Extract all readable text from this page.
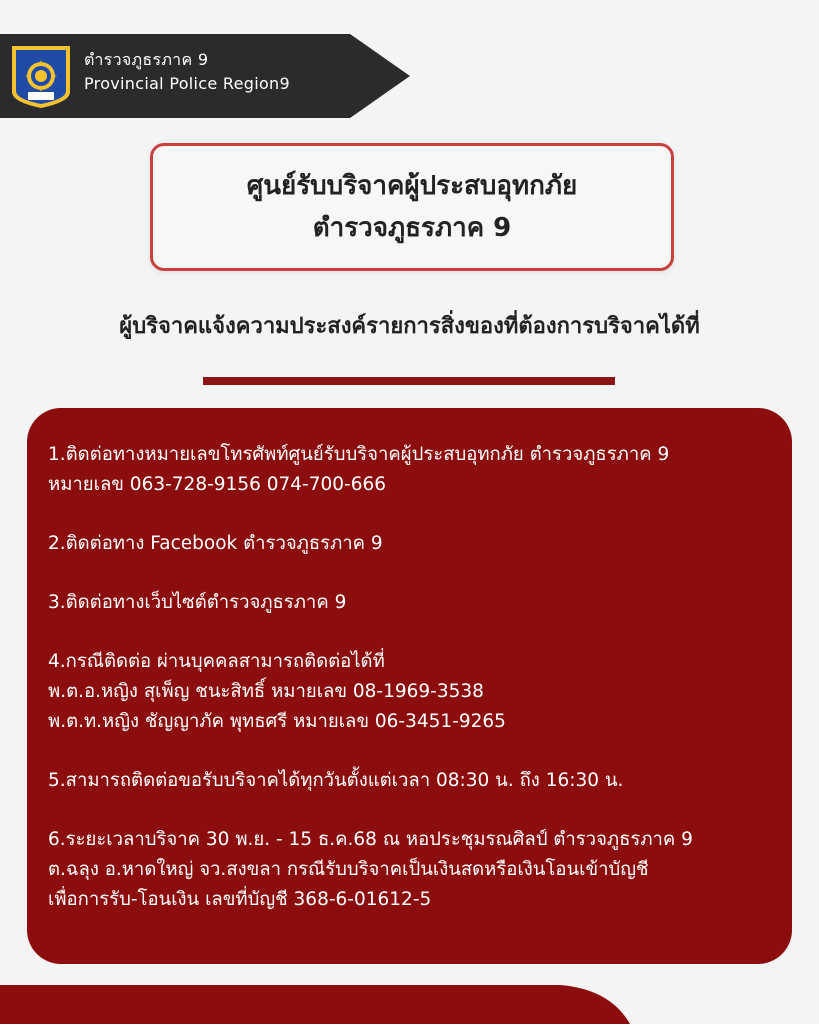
ตำรวจภูธรภาค 9
Provincial Police Region9
ศูนย์รับบริจาคผู้ประสบอุทกภัย
ตำรวจภูธรภาค 9
ผู้บริจาคแจ้งความประสงค์รายการสิ่งของที่ต้องการบริจาคได้ที่
1.ติดต่อทางหมายเลขโทรศัพท์ศูนย์รับบริจาคผู้ประสบอุทกภัย ตำรวจภูธรภาค 9
หมายเลข 063-728-9156 074-700-666
2.ติดต่อทาง Facebook ตำรวจภูธรภาค 9
3.ติดต่อทางเว็บไซต์ตำรวจภูธรภาค 9
4.กรณีติดต่อ ผ่านบุคคลสามารถติดต่อได้ที่
พ.ต.อ.หญิง สุเพ็ญ ชนะสิทธิ์ หมายเลข 08-1969-3538
พ.ต.ท.หญิง ชัญญาภัค พุทธศรี หมายเลข 06-3451-9265
5.สามารถติดต่อขอรับบริจาคได้ทุกวันตั้งแต่เวลา 08:30 น. ถึง 16:30 น.
6.ระยะเวลาบริจาค 30 พ.ย. - 15 ธ.ค.68 ณ หอประชุมรณศิลป์ ตำรวจภูธรภาค 9
ต.ฉลุง อ.หาดใหญ่ จว.สงขลา กรณีรับบริจาคเป็นเงินสดหรือเงินโอนเข้าบัญชี
เพื่อการรับ-โอนเงิน เลขที่บัญชี 368-6-01612-5
